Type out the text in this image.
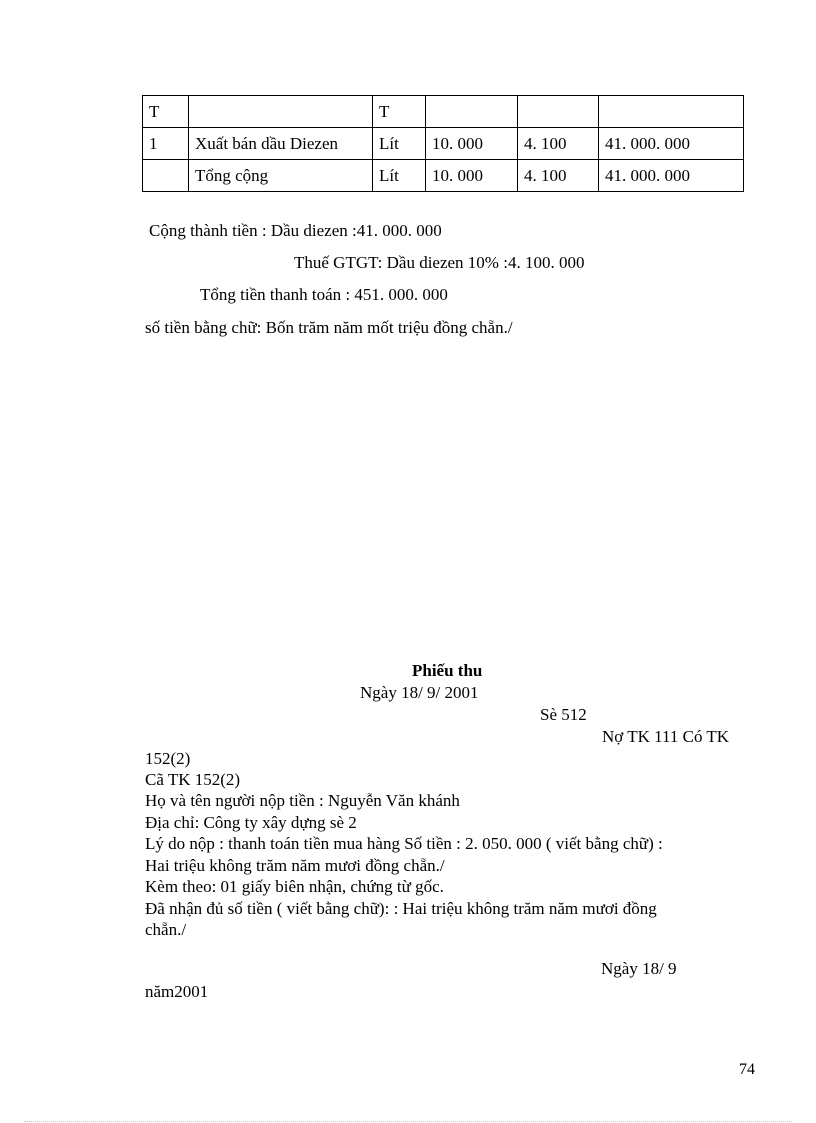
T		T			
1	Xuất bán dầu Diezen	Lít	10. 000	4. 100	41. 000. 000
	Tổng cộng	Lít	10. 000	4. 100	41. 000. 000
Cộng thành tiền : Dầu diezen :41. 000. 000
Thuế GTGT: Dầu diezen 10% :4. 100. 000
Tổng tiền thanh toán : 451. 000. 000
số tiền bằng chữ: Bốn trăm năm mốt triệu đồng chẵn./
Phiếu thu
Ngày 18/ 9/ 2001
Sè 512
Nợ TK 111 Có TK
152(2)
Cã TK 152(2)
Họ và tên người nộp tiền : Nguyễn Văn khánh
Địa chỉ: Công ty xây dựng sè 2
Lý do nộp : thanh toán tiền mua hàng Số tiền : 2. 050. 000 ( viết bằng chữ) :
Hai triệu không trăm năm mươi đồng chẵn./
Kèm theo: 01 giấy biên nhận, chứng từ gốc.
Đã nhận đủ số tiền ( viết bằng chữ): : Hai triệu không trăm năm mươi đồng
chẵn./
Ngày 18/ 9
năm2001
74
